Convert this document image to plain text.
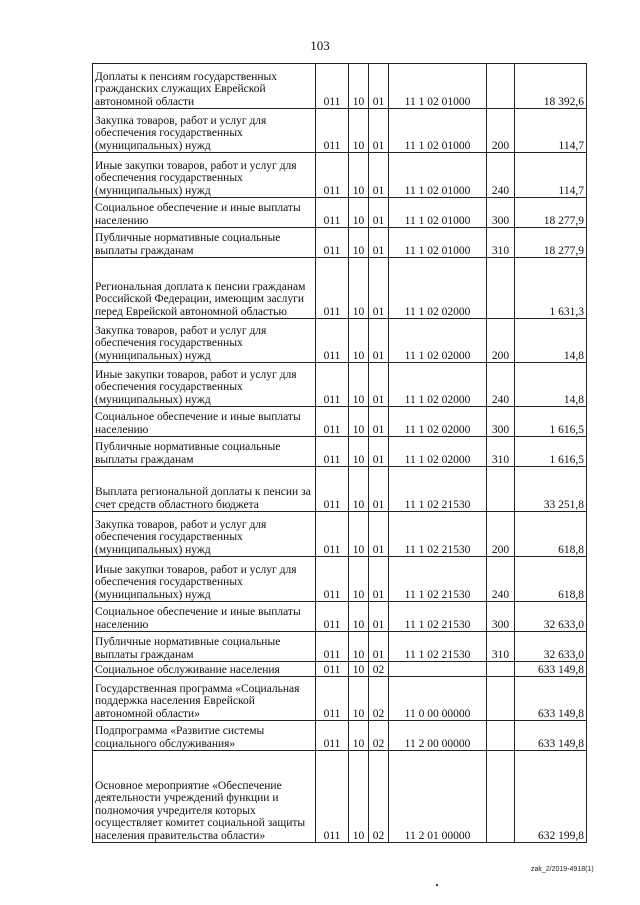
103
Доплаты к пенсиям государственных гражданских служащих Еврейской автономной области	011	10	01	11 1 02 01000		18 392,6
Закупка товаров, работ и услуг для обеспечения государственных (муниципальных) нужд	011	10	01	11 1 02 01000	200	114,7
Иные закупки товаров, работ и услуг для обеспечения государственных (муниципальных) нужд	011	10	01	11 1 02 01000	240	114,7
Социальное обеспечение и иные выплаты населению	011	10	01	11 1 02 01000	300	18 277,9
Публичные нормативные социальные выплаты гражданам	011	10	01	11 1 02 01000	310	18 277,9
Региональная доплата к пенсии гражданам Российской Федерации, имеющим заслуги перед Еврейской автономной областью	011	10	01	11 1 02 02000		1 631,3
Закупка товаров, работ и услуг для обеспечения государственных (муниципальных) нужд	011	10	01	11 1 02 02000	200	14,8
Иные закупки товаров, работ и услуг для обеспечения государственных (муниципальных) нужд	011	10	01	11 1 02 02000	240	14,8
Социальное обеспечение и иные выплаты населению	011	10	01	11 1 02 02000	300	1 616,5
Публичные нормативные социальные выплаты гражданам	011	10	01	11 1 02 02000	310	1 616,5
Выплата региональной доплаты к пенсии за счет средств областного бюджета	011	10	01	11 1 02 21530		33 251,8
Закупка товаров, работ и услуг для обеспечения государственных (муниципальных) нужд	011	10	01	11 1 02 21530	200	618,8
Иные закупки товаров, работ и услуг для обеспечения государственных (муниципальных) нужд	011	10	01	11 1 02 21530	240	618,8
Социальное обеспечение и иные выплаты населению	011	10	01	11 1 02 21530	300	32 633,0
Публичные нормативные социальные выплаты гражданам	011	10	01	11 1 02 21530	310	32 633,0
Социальное обслуживание населения	011	10	02			633 149,8
Государственная программа «Социальная поддержка населения Еврейской автономной области»	011	10	02	11 0 00 00000		633 149,8
Подпрограмма «Развитие системы социального обслуживания»	011	10	02	11 2 00 00000		633 149,8
Основное мероприятие «Обеспечение деятельности учреждений функции и полномочия учредителя которых осуществляет комитет социальной защиты населения правительства области»	011	10	02	11 2 01 00000		632 199,8
zak_2/2019-4918(1)
